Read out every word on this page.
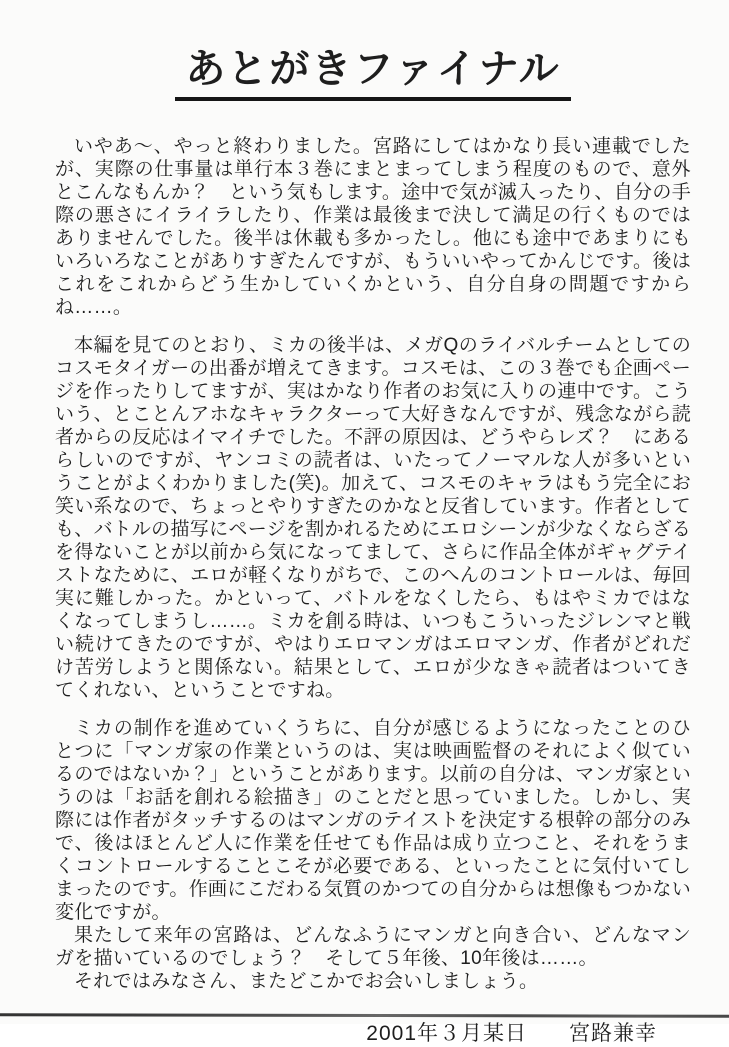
あとがきファイナル

いやあ～、やっと終わりました。宮路にしてはかなり長い連載でしたが、実際の仕事量は単行本３巻にまとまってしまう程度のもので、意外とこんなもんか？　という気もします。途中で気が滅入ったり、自分の手際の悪さにイライラしたり、作業は最後まで決して満足の行くものではありませんでした。後半は休載も多かったし。他にも途中であまりにもいろいろなことがありすぎたんですが、もういいやってかんじです。後はこれをこれからどう生かしていくかという、自分自身の問題ですからね……。

本編を見てのとおり、ミカの後半は、メガQのライバルチームとしてのコスモタイガーの出番が増えてきます。コスモは、この３巻でも企画ページを作ったりしてますが、実はかなり作者のお気に入りの連中です。こういう、とことんアホなキャラクターって大好きなんですが、残念ながら読者からの反応はイマイチでした。不評の原因は、どうやらレズ？　にあるらしいのですが、ヤンコミの読者は、いたってノーマルな人が多いということがよくわかりました(笑)。加えて、コスモのキャラはもう完全にお笑い系なので、ちょっとやりすぎたのかなと反省しています。作者としても、バトルの描写にページを割かれるためにエロシーンが少なくならざるを得ないことが以前から気になってまして、さらに作品全体がギャグテイストなために、エロが軽くなりがちで、このへんのコントロールは、毎回実に難しかった。かといって、バトルをなくしたら、もはやミカではなくなってしまうし……。ミカを創る時は、いつもこういったジレンマと戦い続けてきたのですが、やはりエロマンガはエロマンガ、作者がどれだけ苦労しようと関係ない。結果として、エロが少なきゃ読者はついてきてくれない、ということですね。

ミカの制作を進めていくうちに、自分が感じるようになったことのひとつに「マンガ家の作業というのは、実は映画監督のそれによく似ているのではないか？」ということがあります。以前の自分は、マンガ家というのは「お話を創れる絵描き」のことだと思っていました。しかし、実際には作者がタッチするのはマンガのテイストを決定する根幹の部分のみで、後はほとんど人に作業を任せても作品は成り立つこと、それをうまくコントロールすることこそが必要である、といったことに気付いてしまったのです。作画にこだわる気質のかつての自分からは想像もつかない変化ですが。

果たして来年の宮路は、どんなふうにマンガと向き合い、どんなマンガを描いているのでしょう？　そして５年後、10年後は……。

それではみなさん、またどこかでお会いしましょう。

2001年３月某日 宮路兼幸
